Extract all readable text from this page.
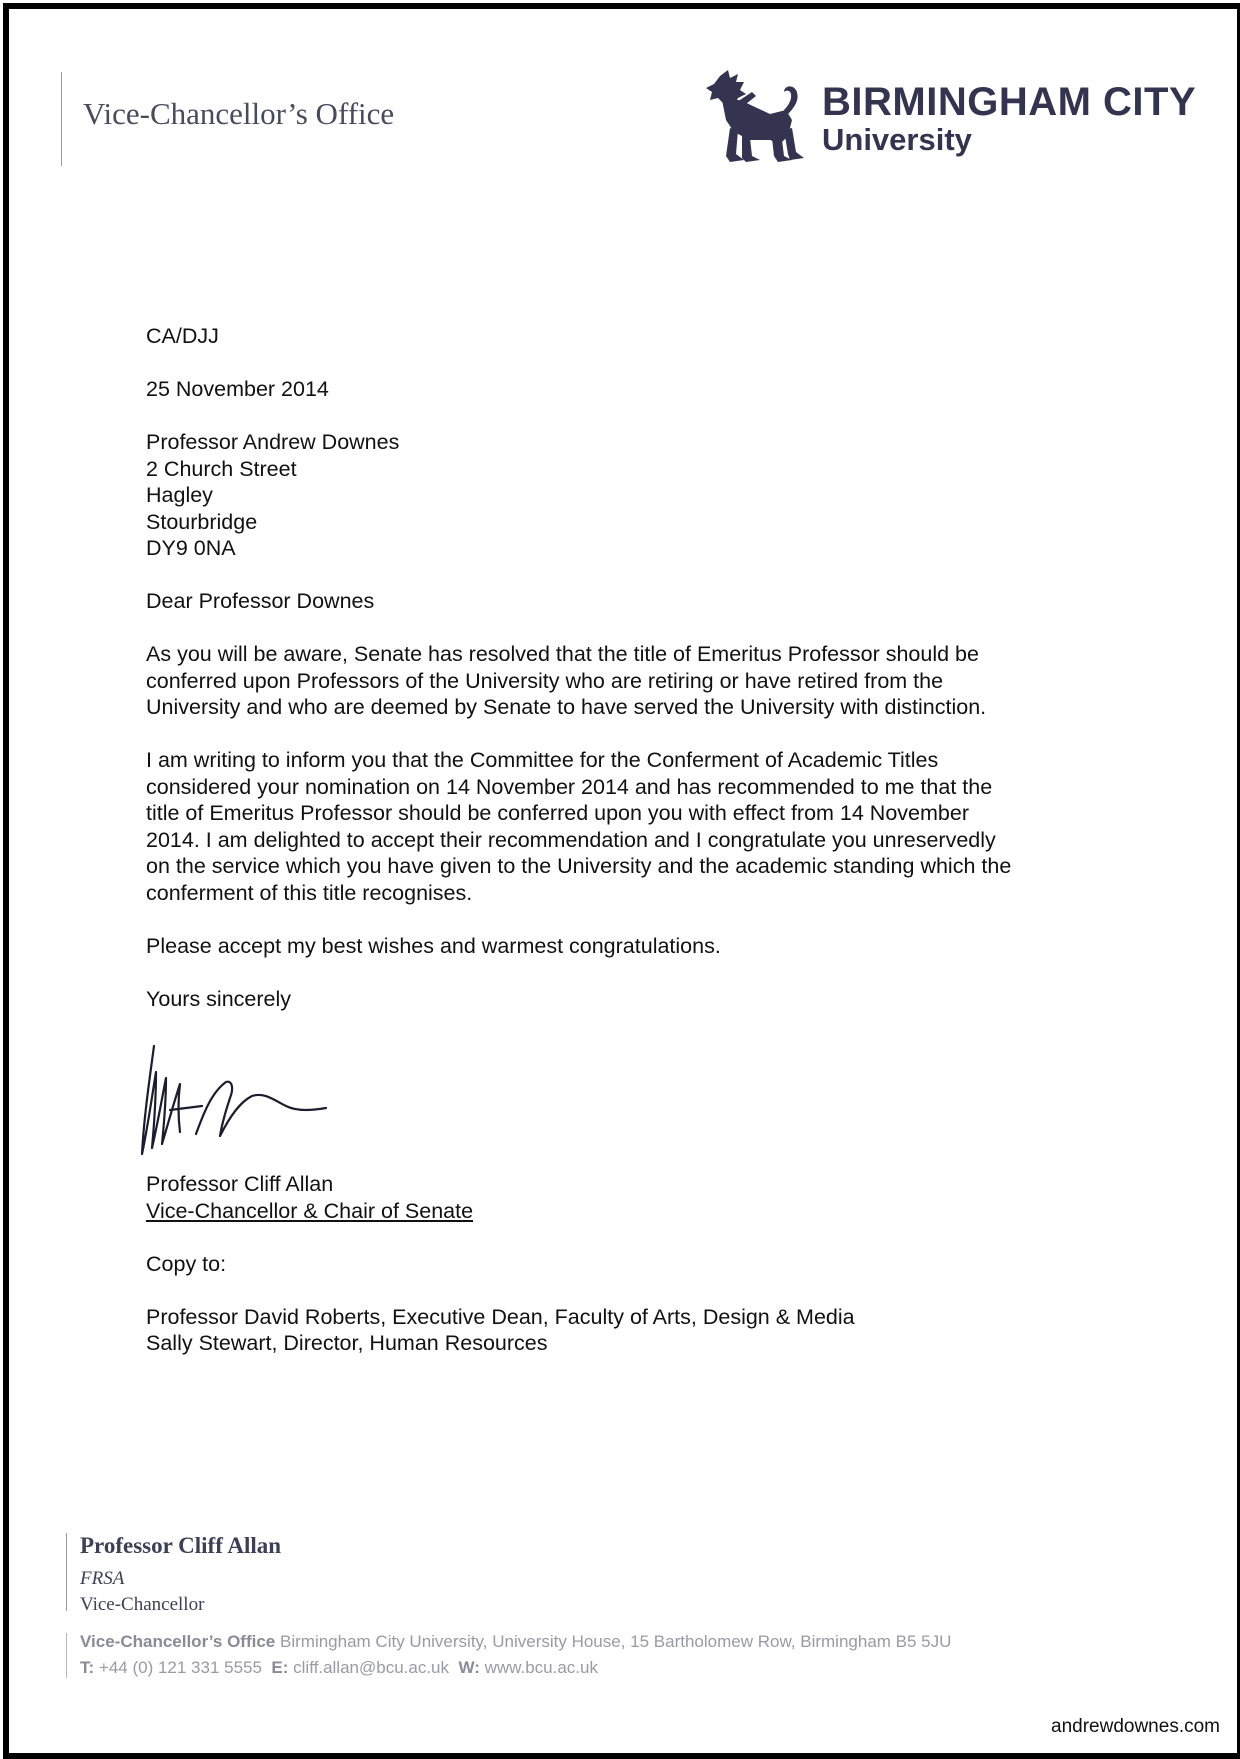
Vice-Chancellor’s Office	BIRMINGHAM CITY
University
CA/DJJ
25 November 2014
Professor Andrew Downes
2 Church Street
Hagley
Stourbridge
DY9 0NA
Dear Professor Downes
As you will be aware, Senate has resolved that the title of Emeritus Professor should be
conferred upon Professors of the University who are retiring or have retired from the
University and who are deemed by Senate to have served the University with distinction.
I am writing to inform you that the Committee for the Conferment of Academic Titles
considered your nomination on 14 November 2014 and has recommended to me that the
title of Emeritus Professor should be conferred upon you with effect from 14 November
2014. I am delighted to accept their recommendation and I congratulate you unreservedly
on the service which you have given to the University and the academic standing which the
conferment of this title recognises.
Please accept my best wishes and warmest congratulations.
Yours sincerely
Professor Cliff Allan
Vice-Chancellor & Chair of Senate
Copy to:
Professor David Roberts, Executive Dean, Faculty of Arts, Design & Media
Sally Stewart, Director, Human Resources
Professor Cliff Allan
FRSA
Vice-Chancellor
Vice-Chancellor’s Office Birmingham City University, University House, 15 Bartholomew Row, Birmingham B5 5JU
T: +44 (0) 121 331 5555 E: cliff.allan@bcu.ac.uk W: www.bcu.ac.uk
andrewdownes.com
